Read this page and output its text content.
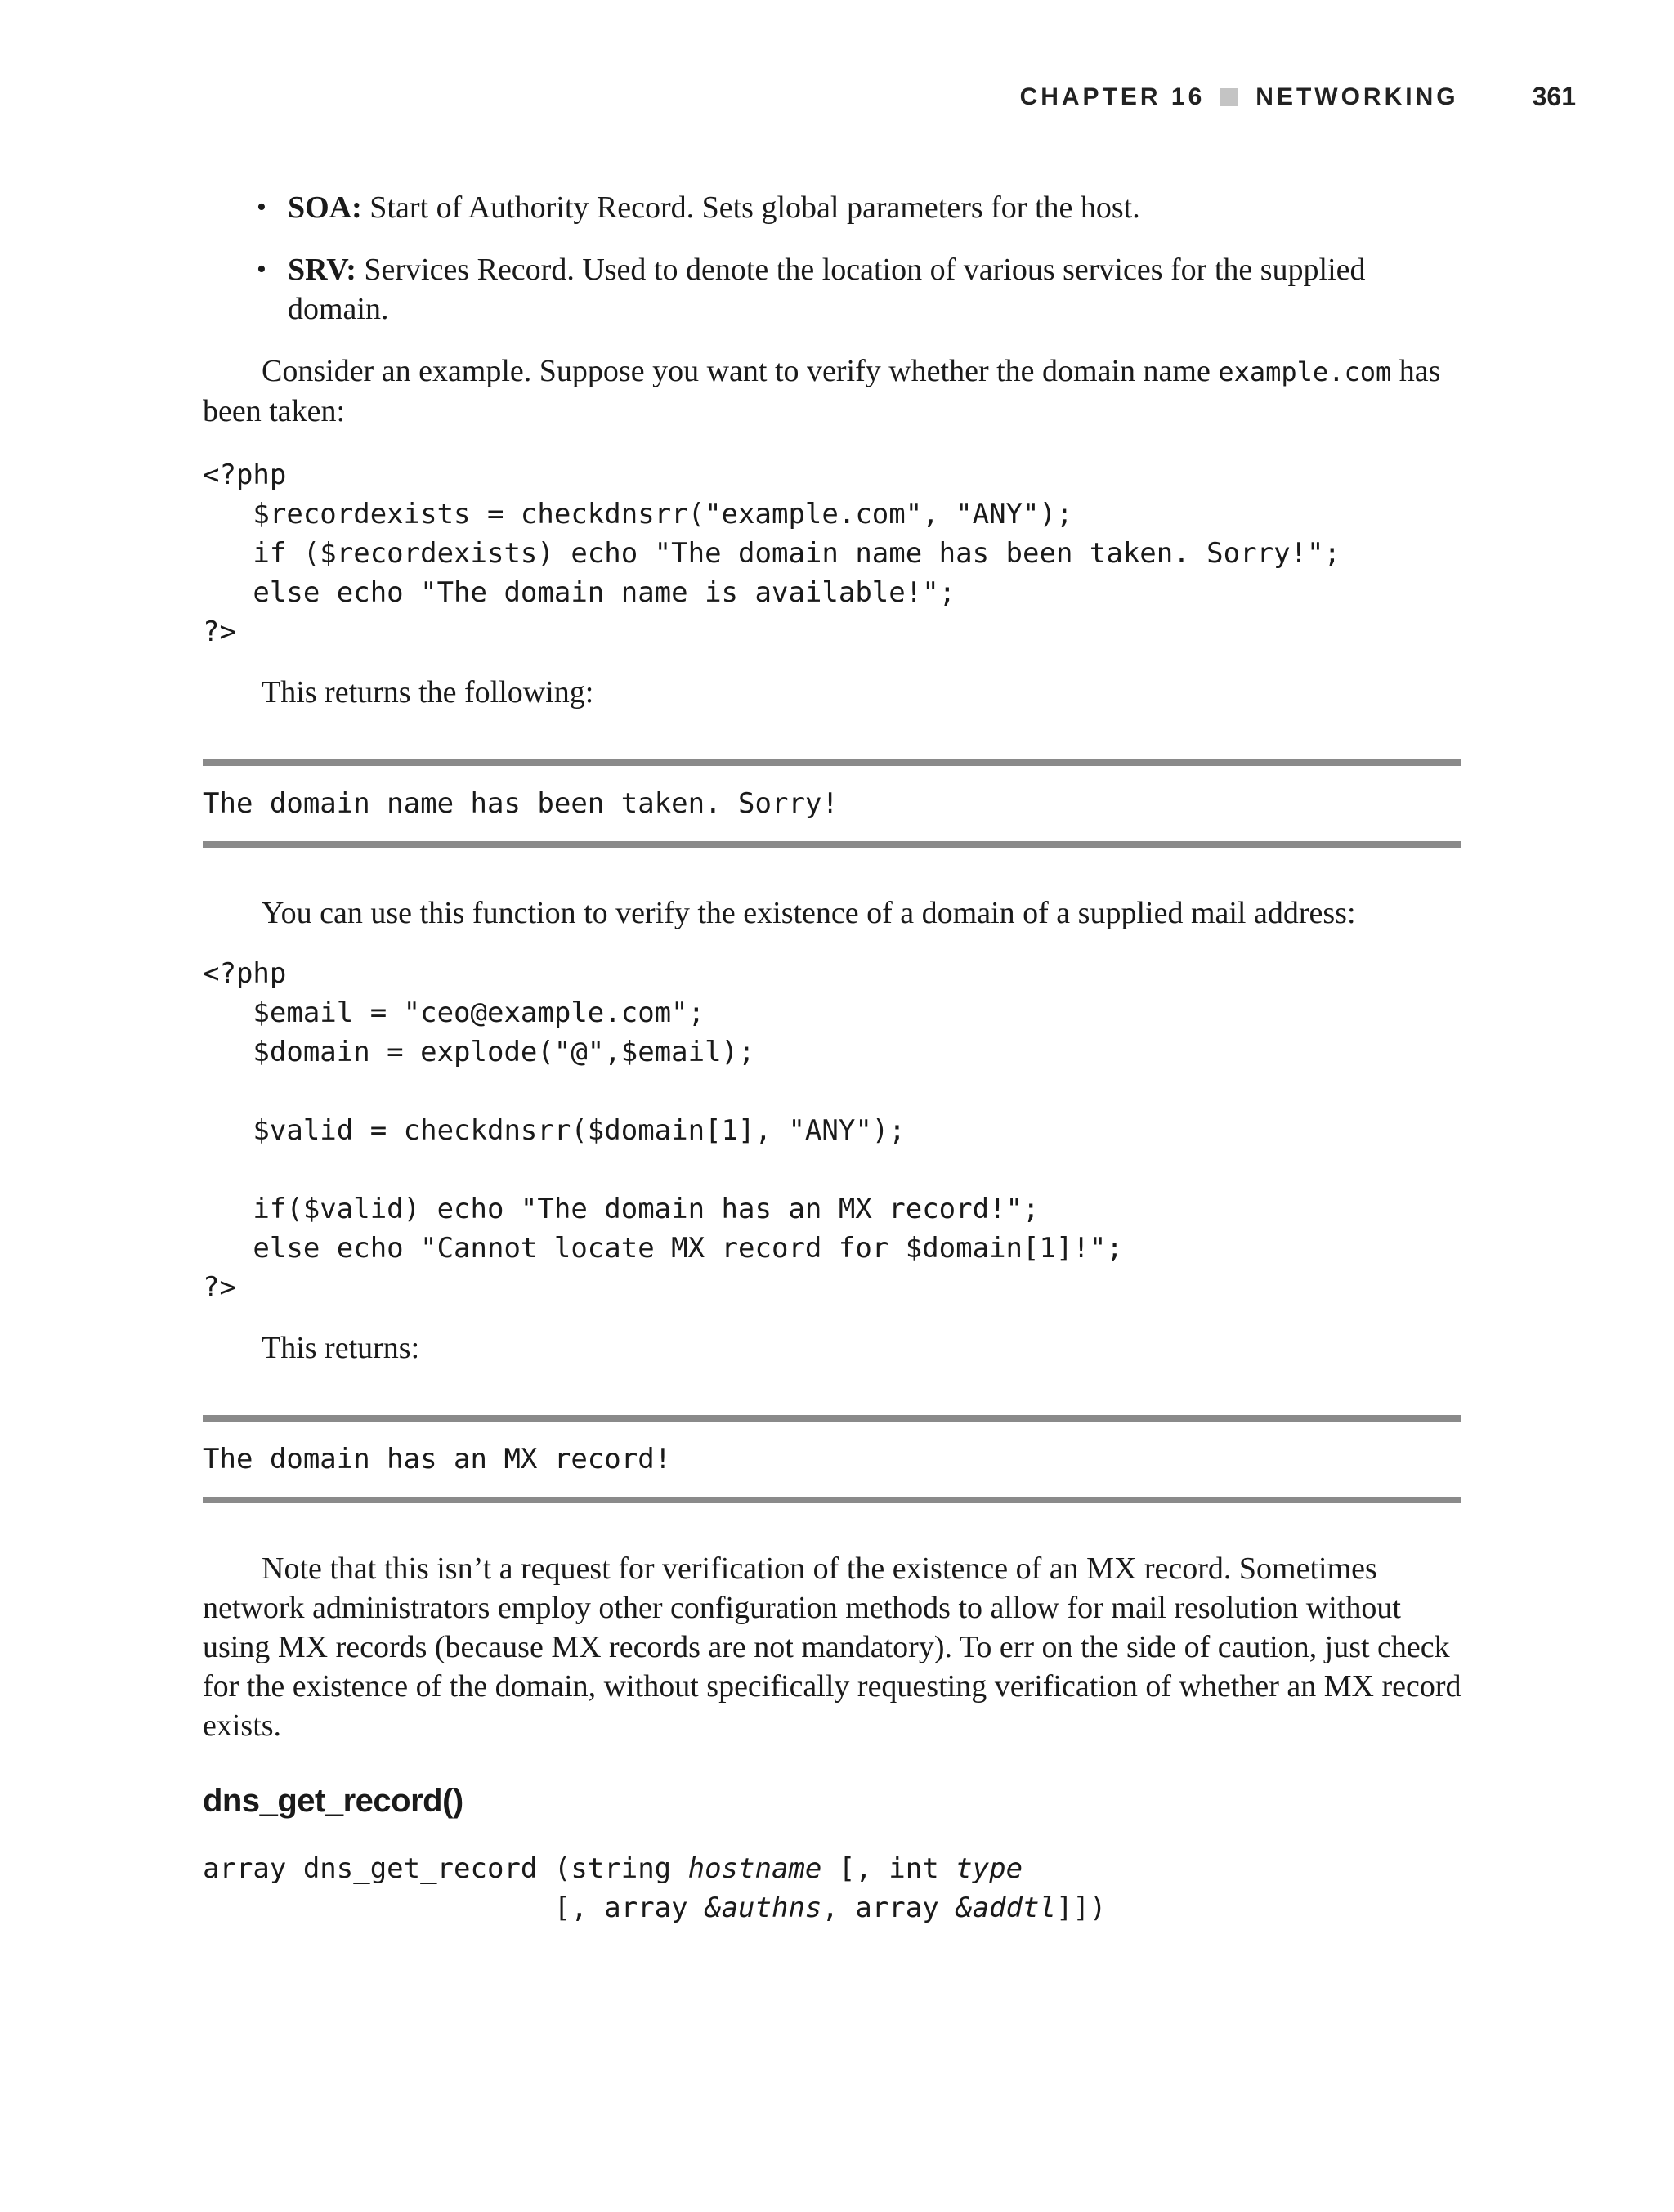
CHAPTER 16 NETWORKING	361
• SOA: Start of Authority Record. Sets global parameters for the host.
• SRV: Services Record. Used to denote the location of various services for the supplied domain.

Consider an example. Suppose you want to verify whether the domain name example.com has been taken:

<?php
$recordexists = checkdnsrr("example.com", "ANY");
if ($recordexists) echo "The domain name has been taken. Sorry!";
else echo "The domain name is available!";
?>

This returns the following:

The domain name has been taken. Sorry!

You can use this function to verify the existence of a domain of a supplied mail address:

<?php
$email = "ceo@example.com";
$domain = explode("@",$email);

$valid = checkdnsrr($domain[1], "ANY");

if($valid) echo "The domain has an MX record!";
else echo "Cannot locate MX record for $domain[1]!";
?>

This returns:

The domain has an MX record!

Note that this isn’t a request for verification of the existence of an MX record. Sometimes network administrators employ other configuration methods to allow for mail resolution without using MX records (because MX records are not mandatory). To err on the side of caution, just check for the existence of the domain, without specifically requesting verification of whether an MX record exists.

dns_get_record()
array dns_get_record (string hostname [, int type
[, array &authns, array &addtl]])
